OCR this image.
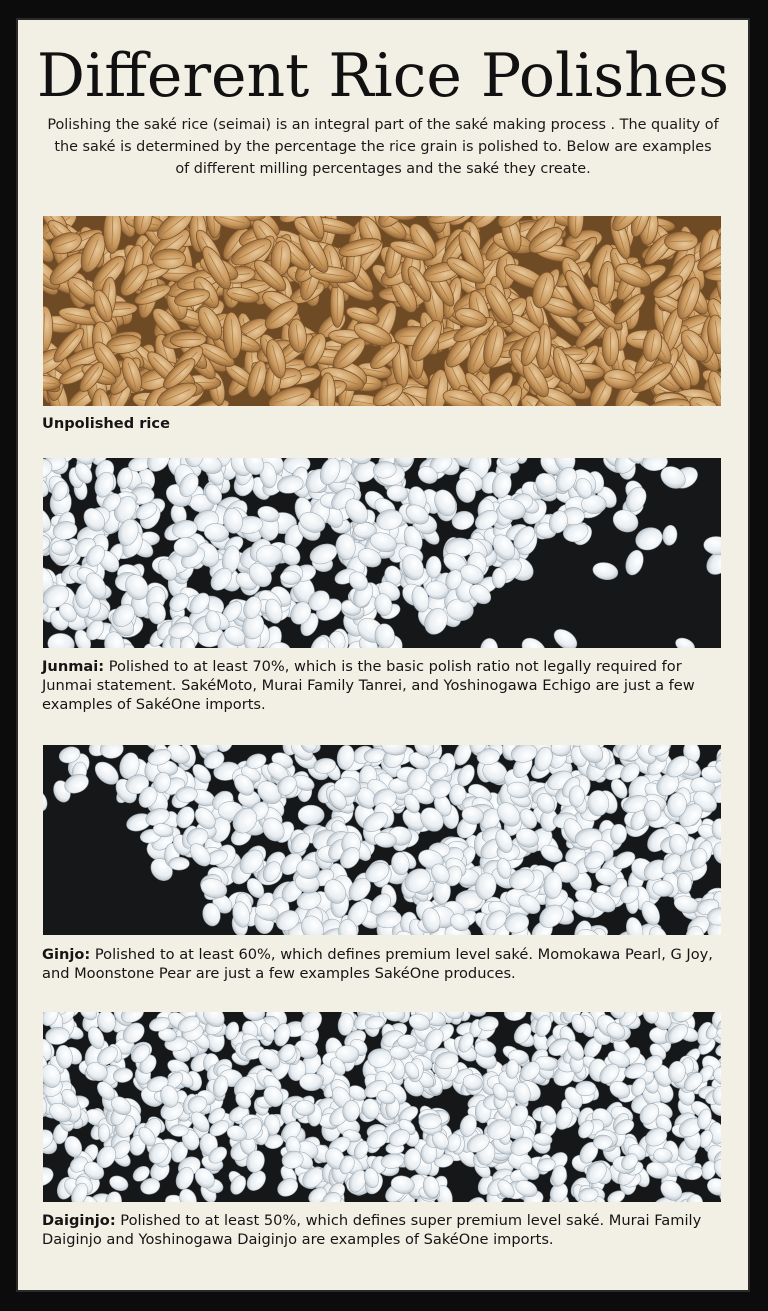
Different Rice Polishes

Polishing the saké rice (seimai) is an integral part of the saké making process . The quality of the saké is determined by the percentage the rice grain is polished to. Below are examples of different milling percentages and the saké they create.

Unpolished rice

Junmai: Polished to at least 70%, which is the basic polish ratio not legally required for Junmai statement. SakéMoto, Murai Family Tanrei, and Yoshinogawa Echigo are just a few examples of SakéOne imports.

Ginjo: Polished to at least 60%, which defines premium level saké. Momokawa Pearl, G Joy, and Moonstone Pear are just a few examples SakéOne produces.

Daiginjo: Polished to at least 50%, which defines super premium level saké. Murai Family Daiginjo and Yoshinogawa Daiginjo are examples of SakéOne imports.
